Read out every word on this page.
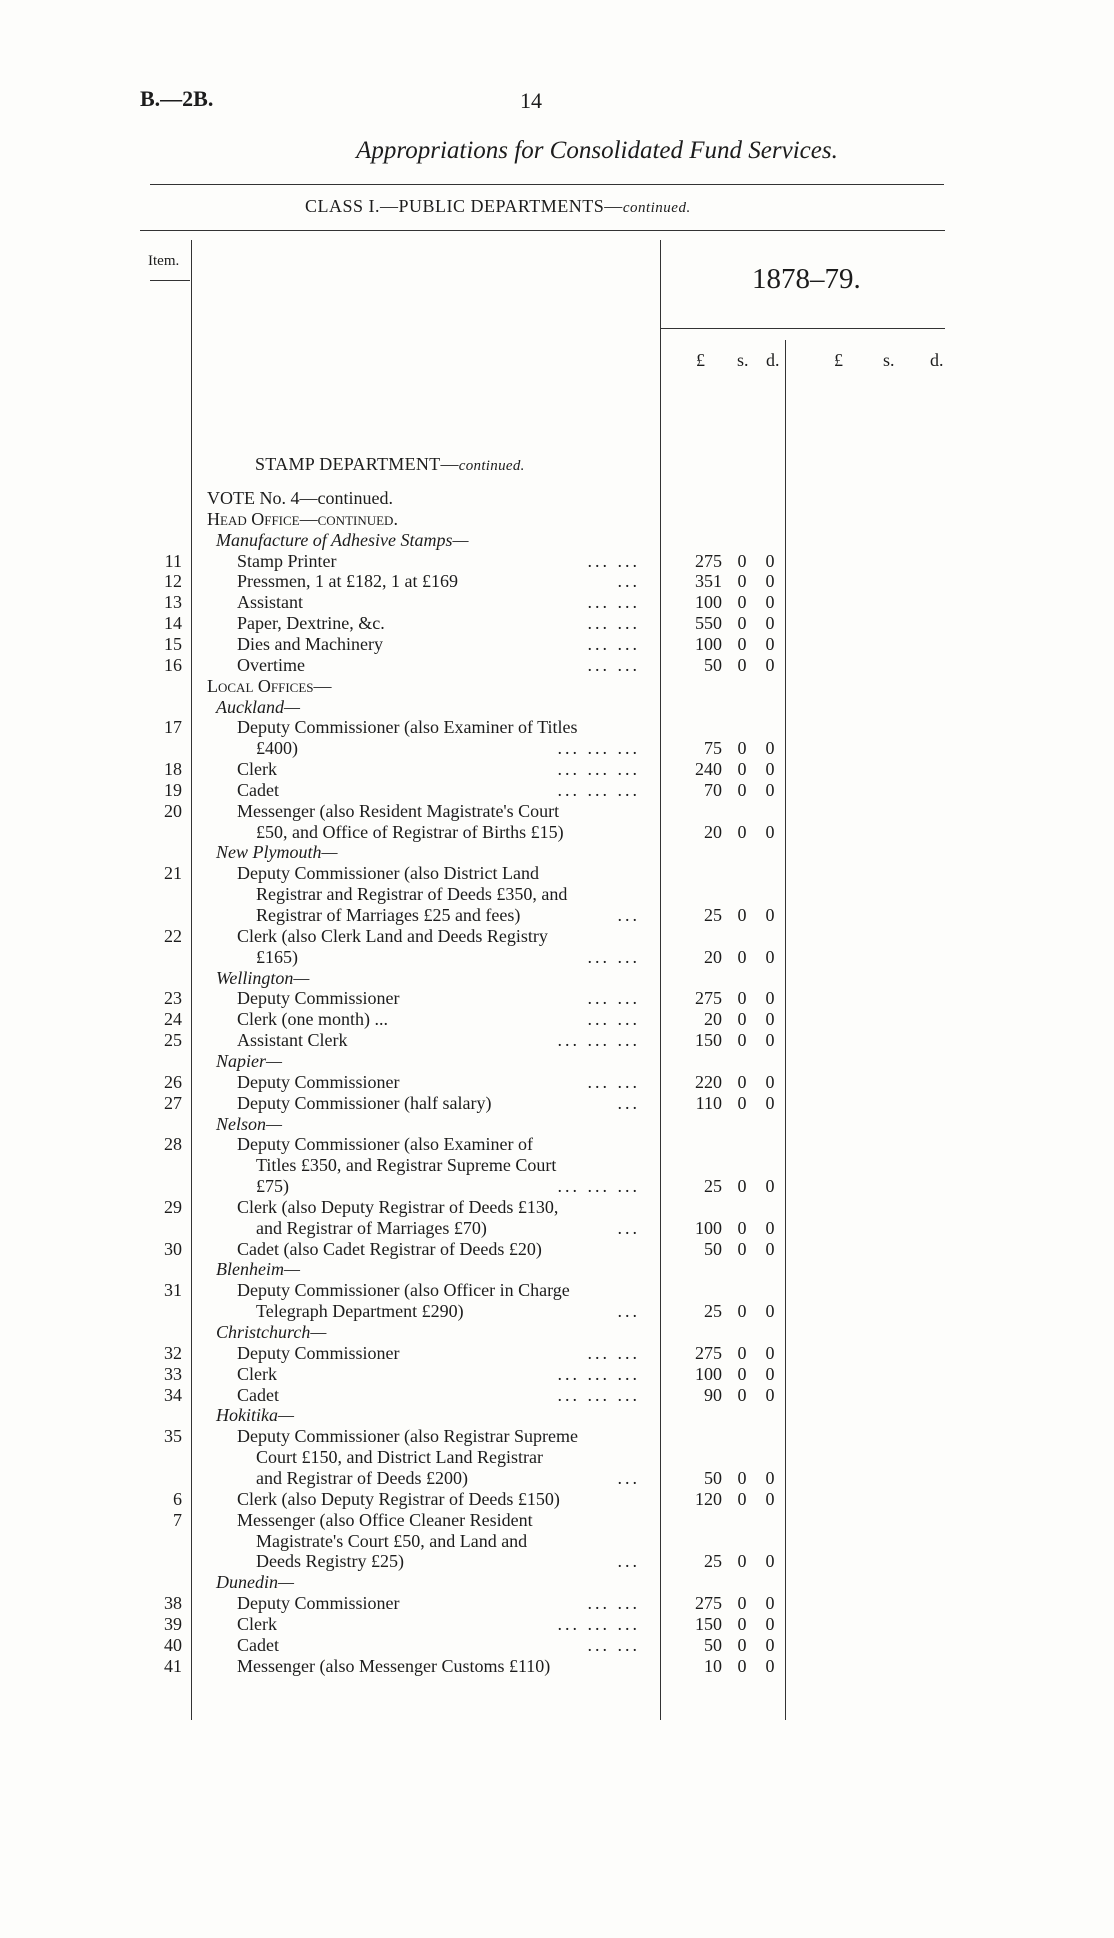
B.—2B.	14
Appropriations for Consolidated Fund Services.
CLASS I.—PUBLIC DEPARTMENTS—continued.
Item.
1878–79.
£ s. d.	£ s. d.
STAMP DEPARTMENT—continued.
VOTE No. 4—continued.
Head Office—continued.
Manufacture of Adhesive Stamps—
11	Stamp Printer	... ...	275 0	0
12	Pressmen, 1 at £182, 1 at £169	...	351 0	0
13	Assistant	... ...	100 0	0
14	Paper, Dextrine, &c.	... ...	550 0	0
15	Dies and Machinery	... ...	100 0	0
16	Overtime	... ...	50 0	0
Local Offices—
Auckland—
17	Deputy Commissioner (also Examiner of Titles
£400)	... ... ...	75 0	0
18	Clerk	... ... ...	240 0	0
19	Cadet	... ... ...	70 0	0
20	Messenger (also Resident Magistrate's Court
£50, and Office of Registrar of Births £15)	20 0	0
New Plymouth—
21	Deputy Commissioner (also District Land
Registrar and Registrar of Deeds £350, and
Registrar of Marriages £25 and fees)	...	25 0	0
22	Clerk (also Clerk Land and Deeds Registry
£165)	... ...	20 0	0
Wellington—
23	Deputy Commissioner	... ...	275 0	0
24	Clerk (one month) ...	... ...	20 0	0
25	Assistant Clerk	... ... ...	150 0	0
Napier—
26	Deputy Commissioner	... ...	220 0	0
27	Deputy Commissioner (half salary)	...	110 0	0
Nelson—
28	Deputy Commissioner (also Examiner of
Titles £350, and Registrar Supreme Court
£75)	... ... ...	25 0	0
29	Clerk (also Deputy Registrar of Deeds £130,
and Registrar of Marriages £70)	...	100 0	0
30	Cadet (also Cadet Registrar of Deeds £20)	50 0	0
Blenheim—
31	Deputy Commissioner (also Officer in Charge
Telegraph Department £290)	...	25 0	0
Christchurch—
32	Deputy Commissioner	... ...	275 0	0
33	Clerk	... ... ...	100 0	0
34	Cadet	... ... ...	90 0	0
Hokitika—
35	Deputy Commissioner (also Registrar Supreme
Court £150, and District Land Registrar
and Registrar of Deeds £200)	...	50 0	0
6	Clerk (also Deputy Registrar of Deeds £150)	120 0	0
7	Messenger (also Office Cleaner Resident
Magistrate's Court £50, and Land and
Deeds Registry £25)	...	25 0	0
Dunedin—
38	Deputy Commissioner	... ...	275 0	0
39	Clerk	... ... ...	150 0	0
40	Cadet	... ...	50 0	0
41	Messenger (also Messenger Customs £110)	10 0	0
